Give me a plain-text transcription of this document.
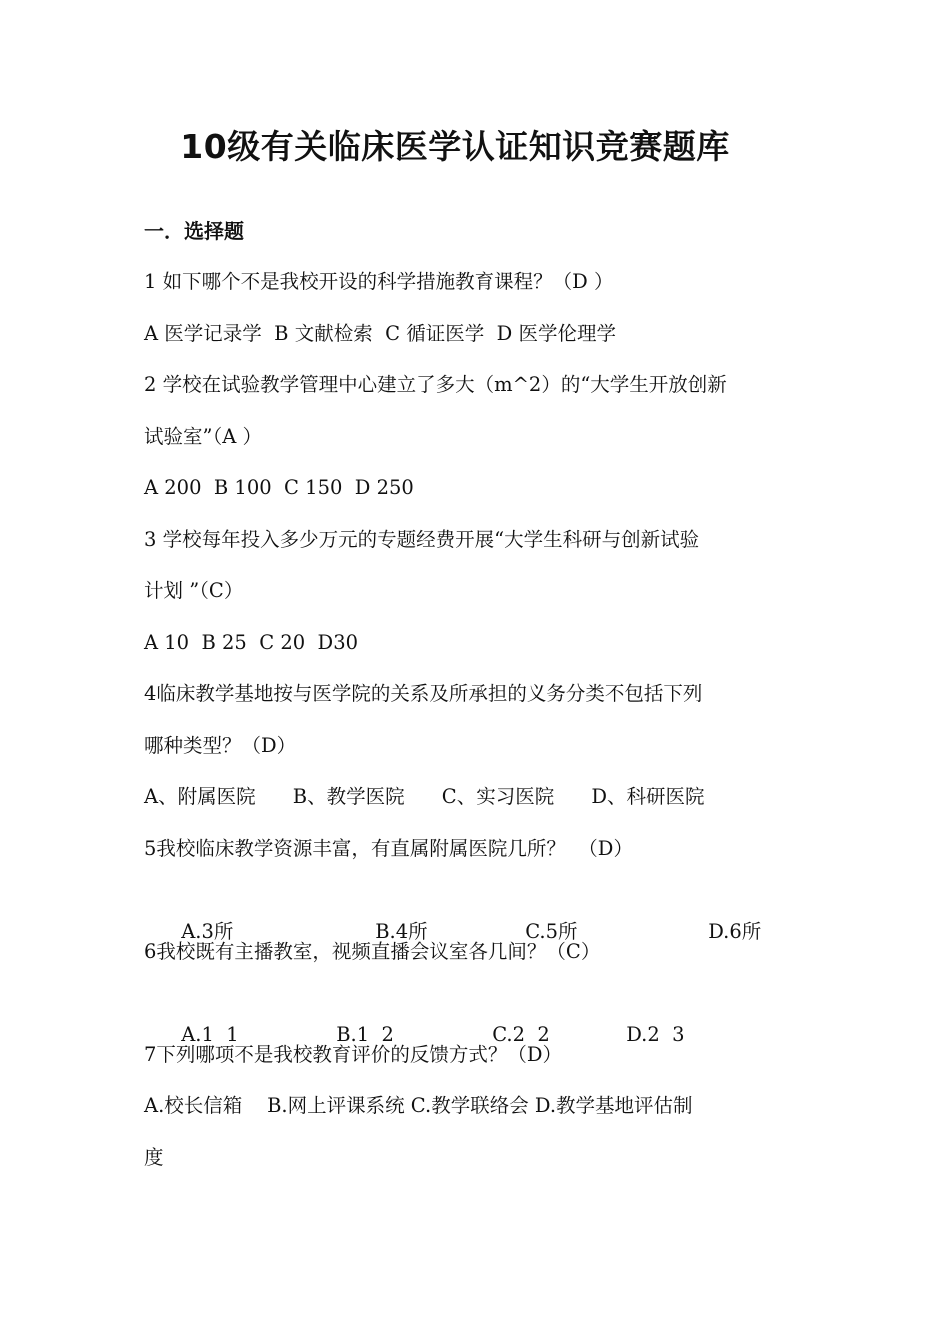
10级有关临床医学认证知识竞赛题库
一．选择题
1 如下哪个不是我校开设的科学措施教育课程？（D ）
A 医学记录学  B 文献检索  C 循证医学  D 医学伦理学
2 学校在试验教学管理中心建立了多大（m^2）的“大学生开放创新
试验室”（A ）
A 200  B 100  C 150  D 250
3 学校每年投入多少万元的专题经费开展“大学生科研与创新试验
计划 ”（C）
A 10  B 25  C 20  D30
4临床教学基地按与医学院的关系及所承担的义务分类不包括下列
哪种类型？（D）
A、附属医院      B、教学医院      C、实习医院      D、科研医院
5我校临床教学资源丰富，有直属附属医院几所？  （D）

A.3所	B.4所	C.5所	D.6所

6我校既有主播教室，视频直播会议室各几间？（C）

A.1  1	B.1  2	C.2  2	D.2  3

7下列哪项不是我校教育评价的反馈方式？（D）
A.校长信箱    B.网上评课系统 C.教学联络会 D.教学基地评估制
度
